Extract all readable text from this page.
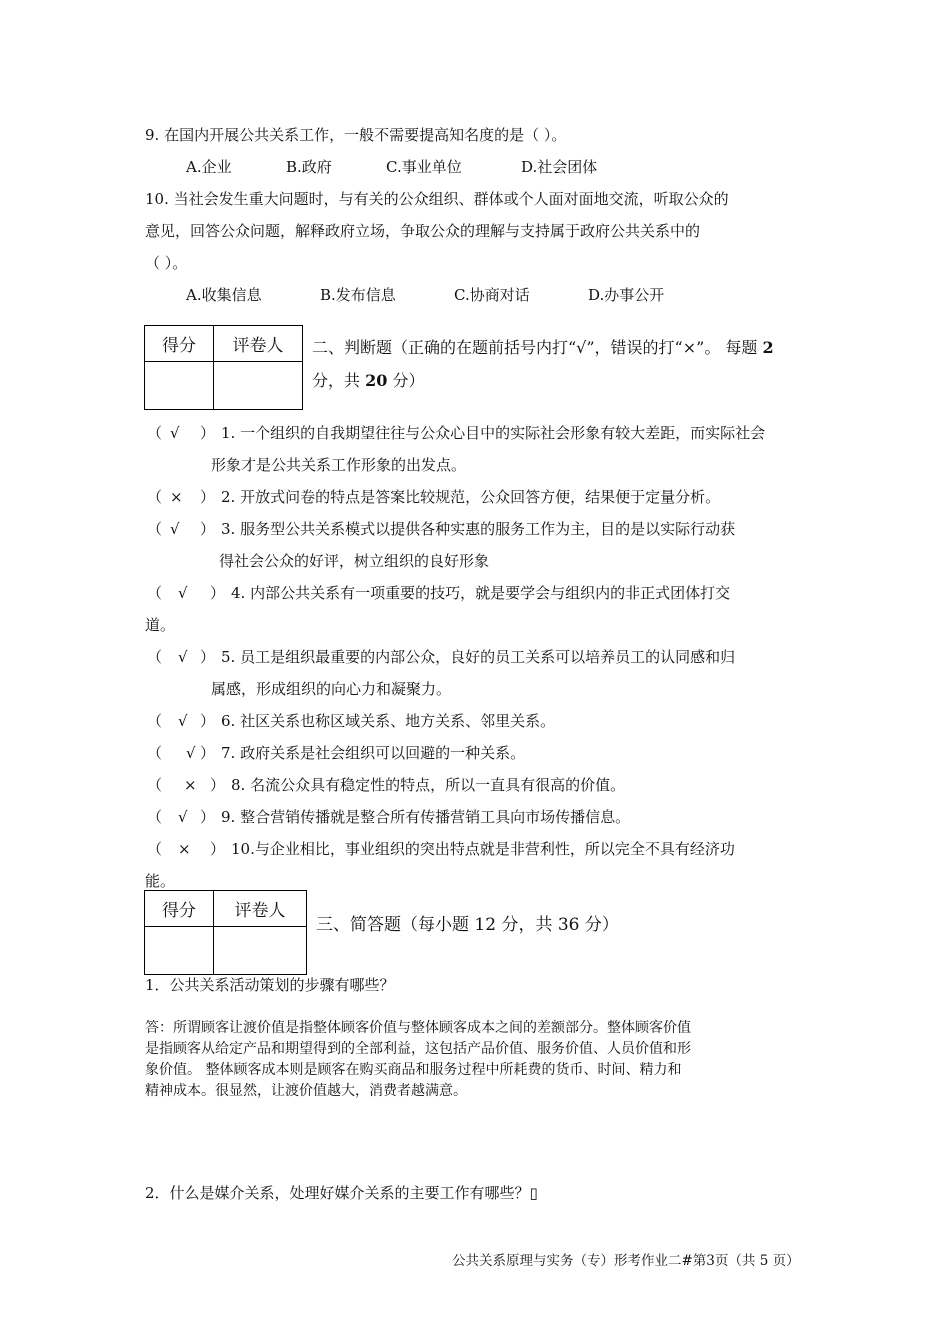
9. 在国内开展公共关系工作，一般不需要提高知名度的是（ ）。
A.企业	B.政府	C.事业单位	D.社会团体
10. 当社会发生重大问题时，与有关的公众组织、群体或个人面对面地交流，听取公众的
意见，回答公众问题，解释政府立场，争取公众的理解与支持属于政府公共关系中的
（ ）。
A.收集信息	B.发布信息	C.协商对话	D.办事公开
得分	评卷人
	二、判断题（正确的在题前括号内打“√”，错误的打“×”。 每题 2
分，共 20 分）
（ √ ） 1. 一个组织的自我期望往往与公众心目中的实际社会形象有较大差距，而实际社会
形象才是公共关系工作形象的出发点。
（ × ） 2. 开放式问卷的特点是答案比较规范，公众回答方便，结果便于定量分析。
（ √ ） 3. 服务型公共关系模式以提供各种实惠的服务工作为主，目的是以实际行动获
得社会公众的好评，树立组织的良好形象
（ √ ） 4. 内部公共关系有一项重要的技巧，就是要学会与组织内的非正式团体打交
道。
（ √ ） 5. 员工是组织最重要的内部公众，良好的员工关系可以培养员工的认同感和归
属感，形成组织的向心力和凝聚力。
（ √ ） 6. 社区关系也称区域关系、地方关系、邻里关系。
（ √ ） 7. 政府关系是社会组织可以回避的一种关系。
（ × ） 8. 名流公众具有稳定性的特点，所以一直具有很高的价值。
（ √ ） 9. 整合营销传播就是整合所有传播营销工具向市场传播信息。
（ × ） 10.与企业相比，事业组织的突出特点就是非营利性，所以完全不具有经济功
能。
得分	评卷人

三、简答题（每小题 12 分，共 36 分）
1．公共关系活动策划的步骤有哪些？
答：所谓顾客让渡价值是指整体顾客价值与整体顾客成本之间的差额部分。整体顾客价值
是指顾客从给定产品和期望得到的全部利益，这包括产品价值、服务价值、人员价值和形
象价值。 整体顾客成本则是顾客在购买商品和服务过程中所耗费的货币、时间、精力和
精神成本。很显然，让渡价值越大，消费者越满意。
2．什么是媒介关系，处理好媒介关系的主要工作有哪些？▯
公共关系原理与实务（专）形考作业二#第3页（共 5 页）
